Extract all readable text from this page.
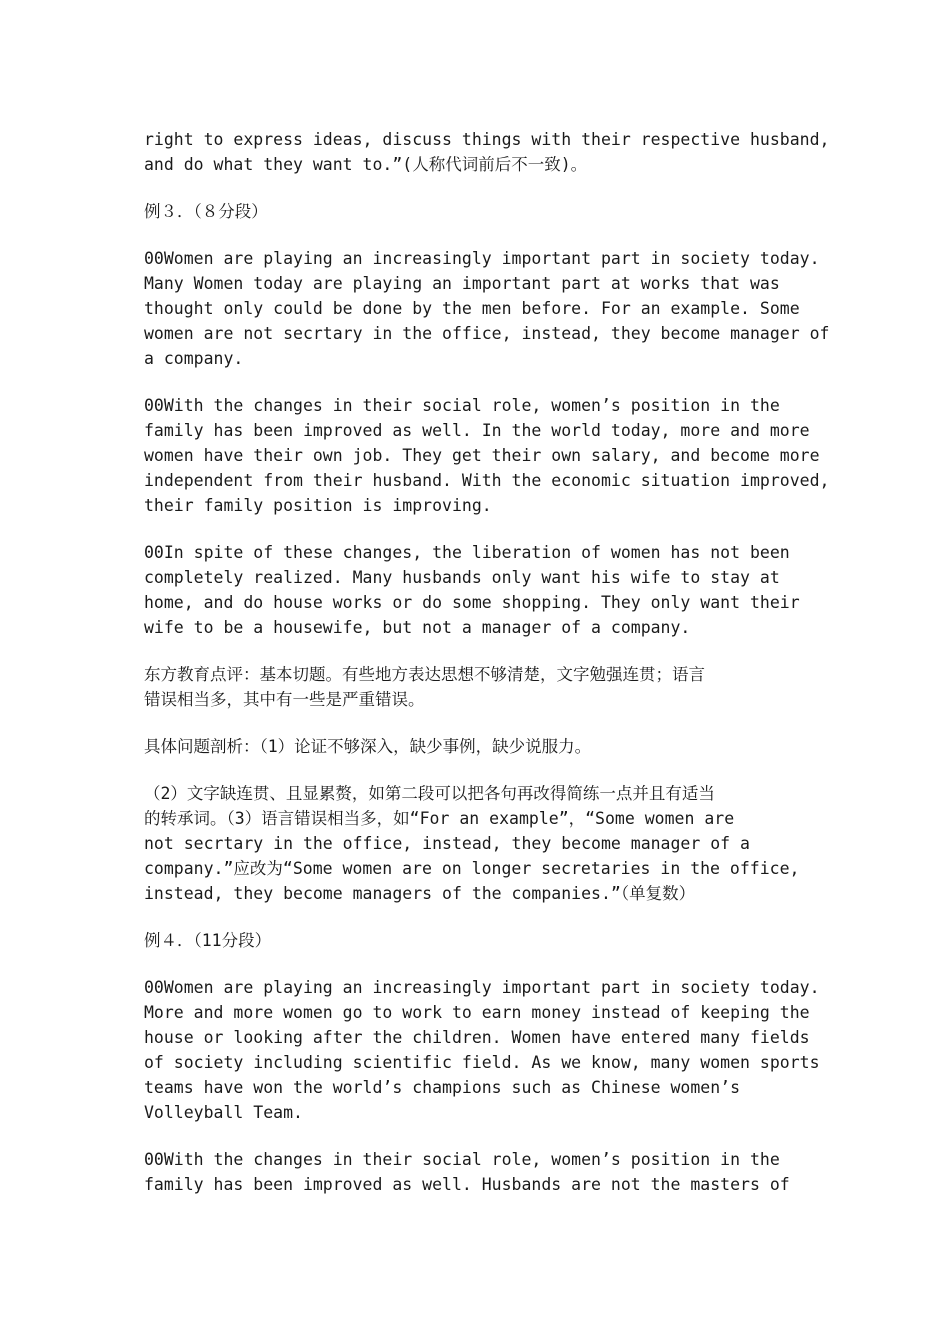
right to express ideas, discuss things with their respective husband,
and do what they want to.”(人称代词前后不一致)。
例３．（８分段）
00Women are playing an increasingly important part in society today.
Many Women today are playing an important part at works that was
thought only could be done by the men before. For an example. Some
women are not secrtary in the office, instead, they become manager of
a company.
00With the changes in their social role, women’s position in the
family has been improved as well. In the world today, more and more
women have their own job. They get their own salary, and become more
independent from their husband. With the economic situation improved,
their family position is improving.
00In spite of these changes, the liberation of women has not been
completely realized. Many husbands only want his wife to stay at
home, and do house works or do some shopping. They only want their
wife to be a housewife, but not a manager of a company.
东方教育点评：基本切题。有些地方表达思想不够清楚，文字勉强连贯；语言
错误相当多，其中有一些是严重错误。
具体问题剖析：（1）论证不够深入，缺少事例，缺少说服力。
（2）文字缺连贯、且显累赘，如第二段可以把各句再改得简练一点并且有适当
的转承词。（3）语言错误相当多，如“For an example”，“Some women are
not secrtary in the office, instead, they become manager of a
company.”应改为“Some women are on longer secretaries in the office,
instead, they become managers of the companies.”（单复数）
例４．（11分段）
00Women are playing an increasingly important part in society today.
More and more women go to work to earn money instead of keeping the
house or looking after the children. Women have entered many fields
of society including scientific field. As we know, many women sports
teams have won the world’s champions such as Chinese women’s
Volleyball Team.
00With the changes in their social role, women’s position in the
family has been improved as well. Husbands are not the masters of
